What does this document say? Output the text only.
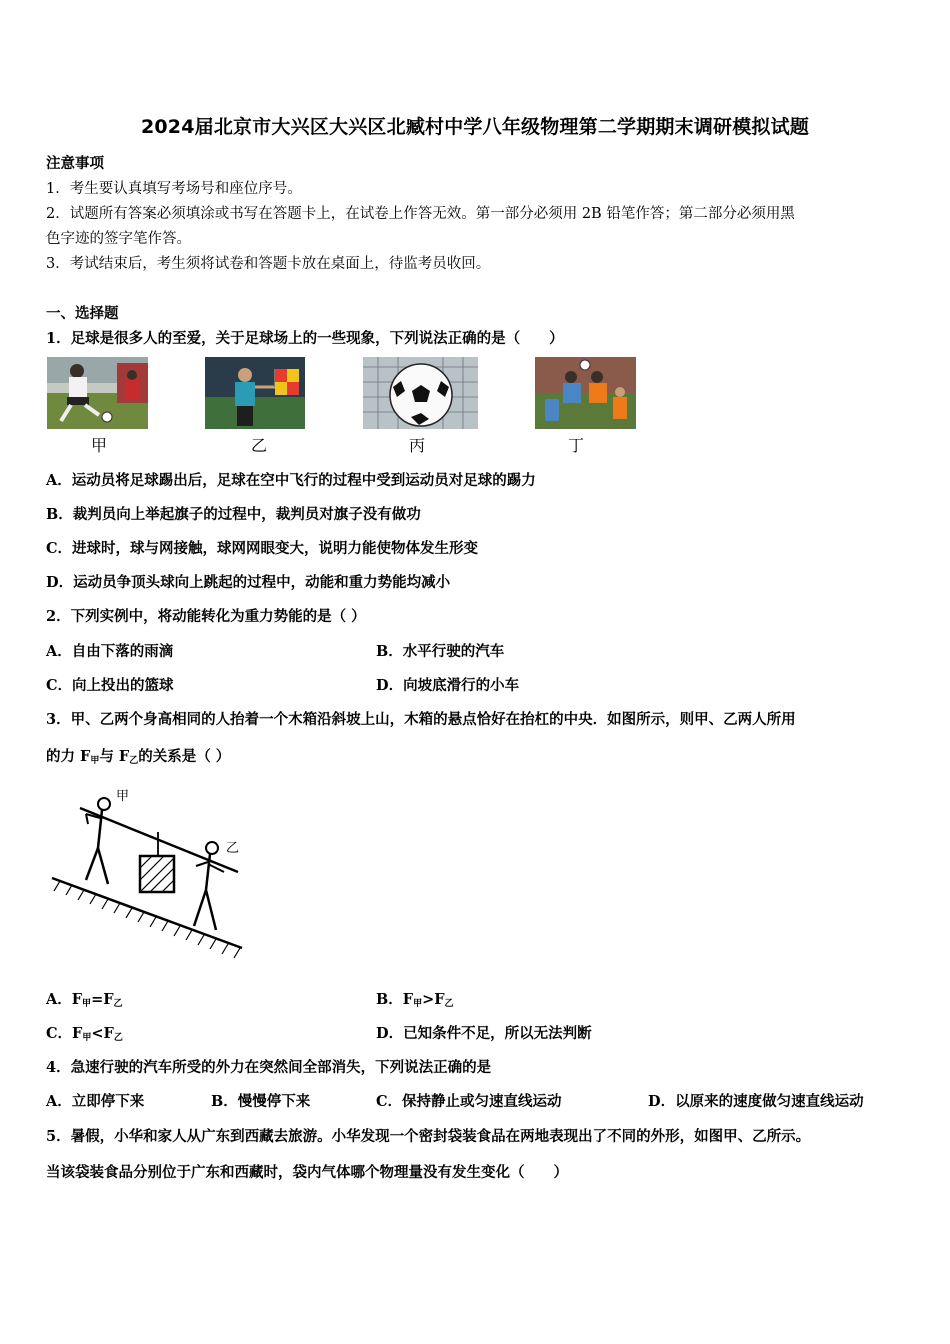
2024届北京市大兴区大兴区北臧村中学八年级物理第二学期期末调研模拟试题
注意事项
1．考生要认真填写考场号和座位序号。
2．试题所有答案必须填涂或书写在答题卡上，在试卷上作答无效。第一部分必须用 2B 铅笔作答；第二部分必须用黑
色字迹的签字笔作答。
3．考试结束后，考生须将试卷和答题卡放在桌面上，待监考员收回。
一、选择题
1．足球是很多人的至爱，关于足球场上的一些现象，下列说法正确的是（　　）
甲	乙	丙	丁
A．运动员将足球踢出后，足球在空中飞行的过程中受到运动员对足球的踢力
B．裁判员向上举起旗子的过程中，裁判员对旗子没有做功
C．进球时，球与网接触，球网网眼变大，说明力能使物体发生形变
D．运动员争顶头球向上跳起的过程中，动能和重力势能均减小
2．下列实例中，将动能转化为重力势能的是（ ）
A．自由下落的雨滴	B．水平行驶的汽车
C．向上投出的篮球	D．向坡底滑行的小车
3．甲、乙两个身高相同的人抬着一个木箱沿斜坡上山，木箱的悬点恰好在抬杠的中央．如图所示，则甲、乙两人所用
的力 $F_甲$与 $F_乙$的关系是（ ）
甲
乙
A．$F_甲=F_乙$	B．$F_甲>F_乙$
C．$F_甲<F_乙$	D．已知条件不足，所以无法判断
4．急速行驶的汽车所受的外力在突然间全部消失，下列说法正确的是
A．立即停下来	B．慢慢停下来	C．保持静止或匀速直线运动	D．以原来的速度做匀速直线运动
5．暑假，小华和家人从广东到西藏去旅游。小华发现一个密封袋装食品在两地表现出了不同的外形，如图甲、乙所示。
当该袋装食品分别位于广东和西藏时，袋内气体哪个物理量没有发生变化（　　）
